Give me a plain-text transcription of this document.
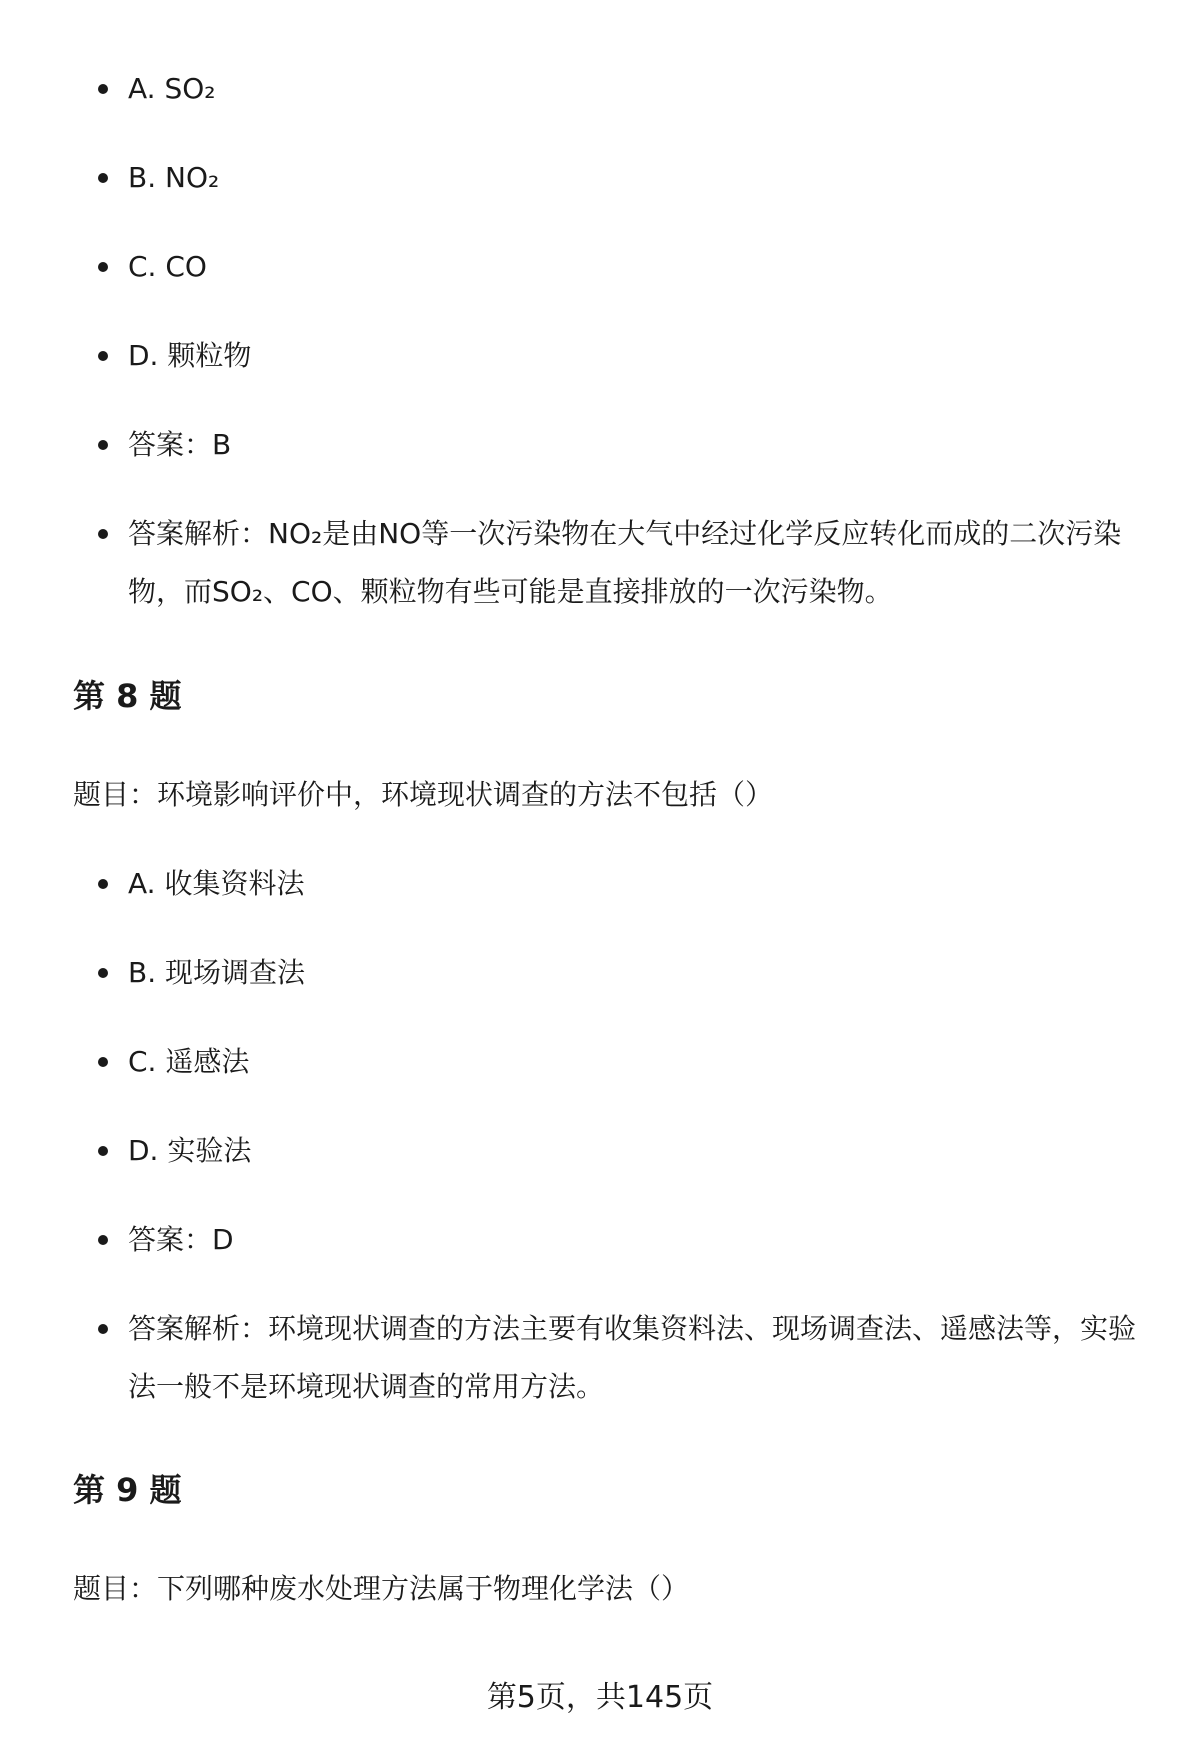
A. SO₂
B. NO₂
C. CO
D. 颗粒物
答案：B
答案解析：NO₂是由NO等一次污染物在大气中经过化学反应转化而成的二次污染物，而SO₂、CO、颗粒物有些可能是直接排放的一次污染物。
第 8 题

题目：环境影响评价中，环境现状调查的方法不包括（）

A. 收集资料法
B. 现场调查法
C. 遥感法
D. 实验法
答案：D
答案解析：环境现状调查的方法主要有收集资料法、现场调查法、遥感法等，实验法一般不是环境现状调查的常用方法。
第 9 题

题目：下列哪种废水处理方法属于物理化学法（）

第5页，共145页
